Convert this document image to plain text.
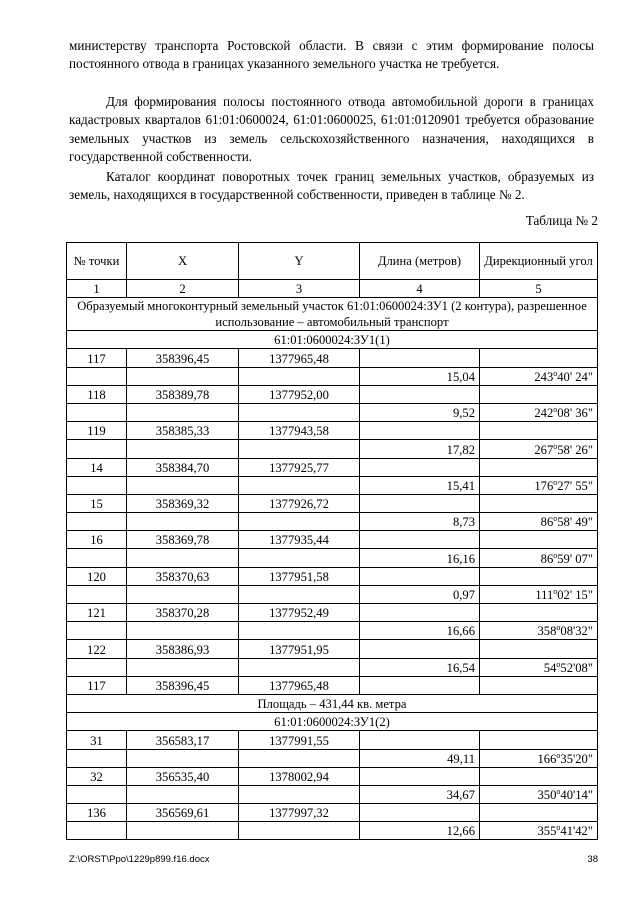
министерству транспорта Ростовской области. В связи с этим формирование полосы постоянного отвода в границах указанного земельного участка не требуется.

Для формирования полосы постоянного отвода автомобильной дороги в границах кадастровых кварталов 61:01:0600024, 61:01:0600025, 61:01:0120901 требуется образование земельных участков из земель сельскохозяйственного назначения, находящихся в государственной собственности.

Каталог координат поворотных точек границ земельных участков, образуемых из земель, находящихся в государственной собственности, приведен в таблице № 2.

Таблица № 2

№ точки	X	Y	Длина (метров)	Дирекционный угол
1	2	3	4	5
Образуемый многоконтурный земельный участок 61:01:0600024:ЗУ1 (2 контура), разрешенное использование – автомобильный транспорт				
61:01:0600024:ЗУ1(1)				
117	358396,45	1377965,48		
			15,04	243$^o$40' 24"
118	358389,78	1377952,00		
			9,52	242$^o$08' 36"
119	358385,33	1377943,58		
			17,82	267$^o$58' 26"
14	358384,70	1377925,77		
			15,41	176$^o$27' 55"
15	358369,32	1377926,72		
			8,73	86$^o$58' 49"
16	358369,78	1377935,44		
			16,16	86$^o$59' 07"
120	358370,63	1377951,58		
			0,97	111$^o$02' 15"
121	358370,28	1377952,49		
			16,66	358$^o$08'32"
122	358386,93	1377951,95		
			16,54	54$^o$52'08"
117	358396,45	1377965,48		
Площадь – 431,44 кв. метра				
61:01:0600024:ЗУ1(2)				
31	356583,17	1377991,55		
			49,11	166$^o$35'20"
32	356535,40	1378002,94		
			34,67	350$^o$40'14"
136	356569,61	1377997,32		
			12,66	355$^o$41'42"

Z:\ORST\Ppo\1229p899.f16.docx	38
